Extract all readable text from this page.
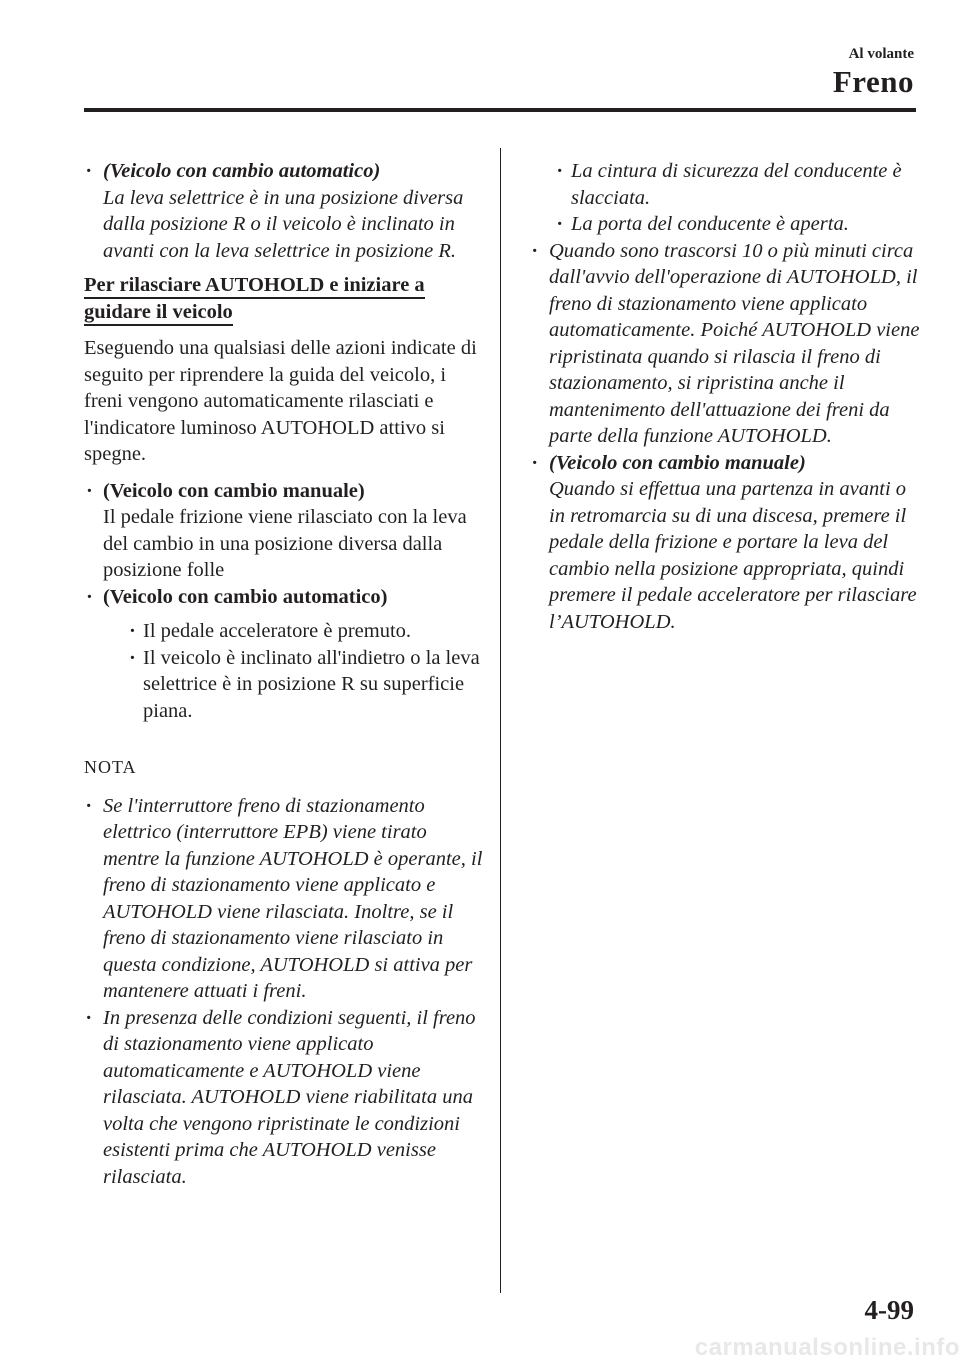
Al volante
Freno
· (Veicolo con cambio automatico)
La leva selettrice è in una posizione diversa dalla posizione R o il veicolo è inclinato in avanti con la leva selettrice in posizione R.
Per rilasciare AUTOHOLD e iniziare a
guidare il veicolo

Eseguendo una qualsiasi delle azioni indicate di seguito per riprendere la guida del veicolo, i freni vengono automaticamente rilasciati e l'indicatore luminoso AUTOHOLD attivo si spegne.

· (Veicolo con cambio manuale)
Il pedale frizione viene rilasciato con la leva del cambio in una posizione diversa dalla posizione folle
· (Veicolo con cambio automatico)
· Il pedale acceleratore è premuto.
· Il veicolo è inclinato all'indietro o la leva selettrice è in posizione R su superficie piana.
NOTA
· Se l'interruttore freno di stazionamento elettrico (interruttore EPB) viene tirato mentre la funzione AUTOHOLD è operante, il freno di stazionamento viene applicato e AUTOHOLD viene rilasciata. Inoltre, se il freno di stazionamento viene rilasciato in questa condizione, AUTOHOLD si attiva per mantenere attuati i freni.
· In presenza delle condizioni seguenti, il freno di stazionamento viene applicato automaticamente e AUTOHOLD viene rilasciata. AUTOHOLD viene riabilitata una volta che vengono ripristinate le condizioni esistenti prima che AUTOHOLD venisse rilasciata.
· La cintura di sicurezza del conducente è slacciata.
· La porta del conducente è aperta.
· Quando sono trascorsi 10 o più minuti circa dall'avvio dell'operazione di AUTOHOLD, il freno di stazionamento viene applicato automaticamente. Poiché AUTOHOLD viene ripristinata quando si rilascia il freno di stazionamento, si ripristina anche il mantenimento dell'attuazione dei freni da parte della funzione AUTOHOLD.
· (Veicolo con cambio manuale)
Quando si effettua una partenza in avanti o in retromarcia su di una discesa, premere il pedale della frizione e portare la leva del cambio nella posizione appropriata, quindi premere il pedale acceleratore per rilasciare l’AUTOHOLD.
4-99
carmanualsonline.info
